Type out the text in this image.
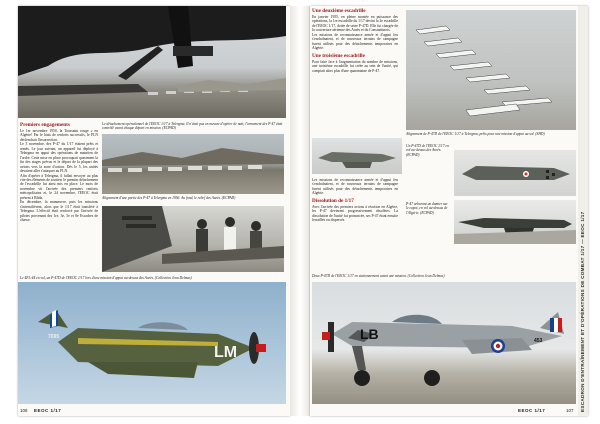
Premiers engagements

Le 1er novembre 1950, la Toussaint rouge « en Algérie! Par le biais de renforts successifs, le FLN déclenchait l'insurrection.

Le 3 novembre, des P-47 du 1/17 étaient prêts et armés. Le jour suivant, un appareil fut déployé à Telergma en appui des opérations de maintien de l'ordre. Cette mise en place provoquait quasiment la fin des stages prévus et le départ de la plupart des avions vers la zone d'action. Dès le 5, les unités devaient aller s'attaquer au FLN.

Afin d'opérer à Telergma, il fallait envoyer au plus vite des éléments de soutien; le premier détachement de l'escadrille fut ainsi mis en place. Le mois de novembre vit l'arrivée des premiers renforts métropolitains et, le 24 novembre, l'EEOC était présent à Blida.

En décembre, la manœuvre, puis les missions s'intensifièrent, alors que le 1/17 était transféré à Telergma. L'effectif était renforcé par l'arrivée de pilotes provenant des 1re, 3e, 5e et 8e Escadres de chasse.

Le détachement opérationnel de l'EEOC 1/17 à Telergma. Il n'était pas en mesure d'opérer de nuit; l'armement des P-47 était contrôlé avant chaque départ en mission. (ECPAD)
Alignement d'une partie des P-47 à Telergma en 1956. Au fond, le relief des Aurès. (ECPAD)
Le 4FL-44 en vol, un P-47D de l'EEOC 1/17 lors d'une mission d'appui au-dessus des Aurès. (Collection Jean Delmas)
LM
7695
106 EEOC 1/17
Une deuxième escadrille

En janvier 1955, en pleine montée en puissance des opérations, la 1re escadrille du 1/17 devint la 2e escadrille de l'EEOC 1/17, dotée de seize P-47D. Elle fut chargée de la couverture aérienne des Aurès et du Constantinois.

Les missions de reconnaissance armée et d'appui feu s'enchaînaient, et de nouveaux terrains de campagne furent utilisés pour des détachements temporaires en Algérie.

Une troisième escadrille

Pour faire face à l'augmentation du nombre de missions, une troisième escadrille fut créée au sein de l'unité, qui comptait alors plus d'une quarantaine de P-47.

Alignement de P-47D de l'EEOC 1/17 à Telergma, prêts pour une mission d'appui au sol. (SHD)
Un P-47D de l'EEOC 1/17 en vol au-dessus des Aurès. (ECPAD)

Les missions de reconnaissance armée et d'appui feu s'enchaînaient, et de nouveaux terrains de campagne furent utilisés pour des détachements temporaires en Algérie.

Dissolution de 1/17

Avec l'arrivée des premiers avions à réaction en Algérie, les P-47 devinrent progressivement obsolètes. La dissolution de l'unité fut prononcée, ses P-47 étant ensuite ferraillés ou dispersés.

P-47 arborant un damier sur le capot, en vol au-dessus de l'Algérie. (ECPAD)
Deux P-47D de l'EEOC 1/17 en stationnement avant une mission. (Collection Jean Delmas)
LB	453	ESCADRON D'ENTRAÎNEMENT ET D'OPÉRATIONS DE COMBAT 1/17 — EEOC 1/17
EEOC 1/17	107
